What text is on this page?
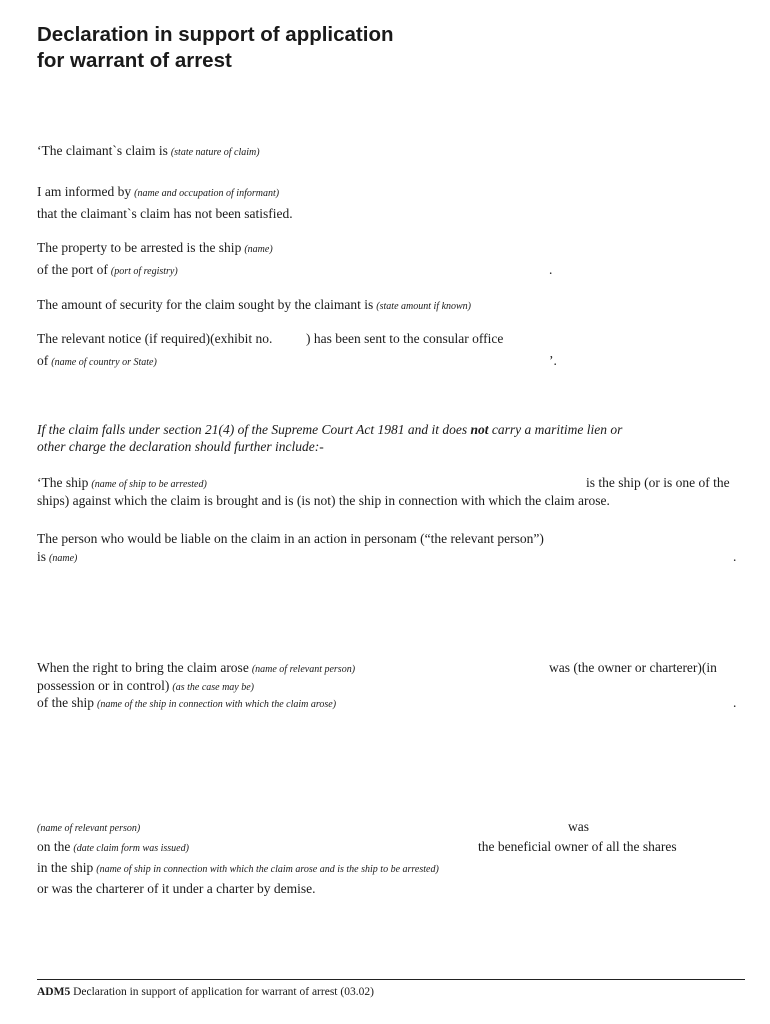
Declaration in support of application
for warrant of arrest
‘The claimant`s claim is (state nature of claim)
I am informed by (name and occupation of informant)
that the claimant`s claim has not been satisfied.
The property to be arrested is the ship (name)
of the port of (port of registry)	.
The amount of security for the claim sought by the claimant is (state amount if known)
The relevant notice (if required)(exhibit no. ) has been sent to the consular office
of (name of country or State)	’.
If the claim falls under section 21(4) of the Supreme Court Act 1981 and it does not carry a maritime lien or
other charge the declaration should further include:-
‘The ship (name of ship to be arrested)	is the ship (or is one of the
ships) against which the claim is brought and is (is not) the ship in connection with which the claim arose.
The person who would be liable on the claim in an action in personam (“the relevant person”)
is (name)	.
When the right to bring the claim arose (name of relevant person)	was (the owner or charterer)(in
possession or in control) (as the case may be)
of the ship (name of the ship in connection with which the claim arose)	.
(name of relevant person)	was
on the (date claim form was issued)	the beneficial owner of all the shares
in the ship (name of ship in connection with which the claim arose and is the ship to be arrested)
or was the charterer of it under a charter by demise.
ADM5 Declaration in support of application for warrant of arrest (03.02)
